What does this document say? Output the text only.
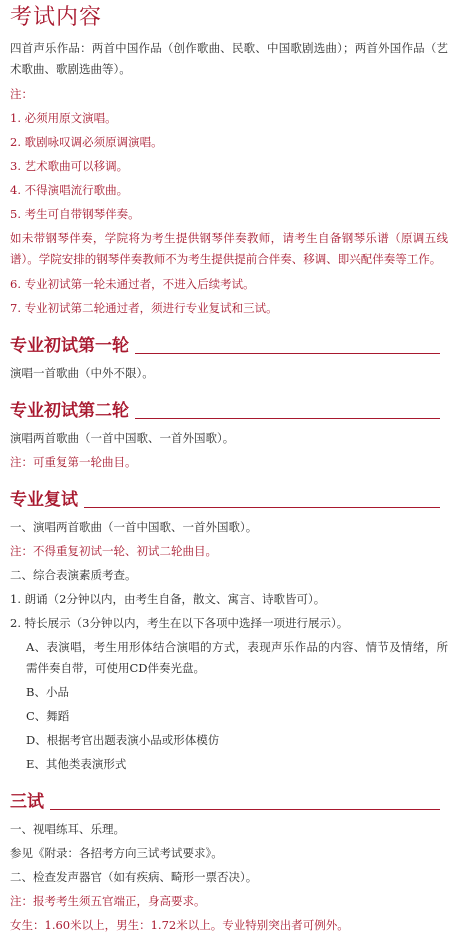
考试内容
四首声乐作品：两首中国作品（创作歌曲、民歌、中国歌剧选曲）；两首外国作品（艺术歌曲、歌剧选曲等）。
注：
1. 必须用原文演唱。
2. 歌剧咏叹调必须原调演唱。
3. 艺术歌曲可以移调。
4. 不得演唱流行歌曲。
5. 考生可自带钢琴伴奏。
如未带钢琴伴奏，学院将为考生提供钢琴伴奏教师，请考生自备钢琴乐谱（原调五线谱）。学院安排的钢琴伴奏教师不为考生提供提前合伴奏、移调、即兴配伴奏等工作。
6. 专业初试第一轮未通过者，不进入后续考试。
7. 专业初试第二轮通过者，须进行专业复试和三试。
专业初试第一轮
演唱一首歌曲（中外不限）。
专业初试第二轮
演唱两首歌曲（一首中国歌、一首外国歌）。
注：可重复第一轮曲目。
专业复试
一、演唱两首歌曲（一首中国歌、一首外国歌）。
注：不得重复初试一轮、初试二轮曲目。
二、综合表演素质考查。
1. 朗诵（2分钟以内，由考生自备，散文、寓言、诗歌皆可）。
2. 特长展示（3分钟以内，考生在以下各项中选择一项进行展示）。
A、表演唱，考生用形体结合演唱的方式，表现声乐作品的内容、情节及情绪，所需伴奏自带，可使用CD伴奏光盘。
B、小品
C、舞蹈
D、根据考官出题表演小品或形体模仿
E、其他类表演形式
三试
一、视唱练耳、乐理。
参见《附录：各招考方向三试考试要求》。
二、检查发声器官（如有疾病、畸形一票否决）。
注：报考考生须五官端正，身高要求。
女生：1.60米以上，男生：1.72米以上。专业特别突出者可例外。
